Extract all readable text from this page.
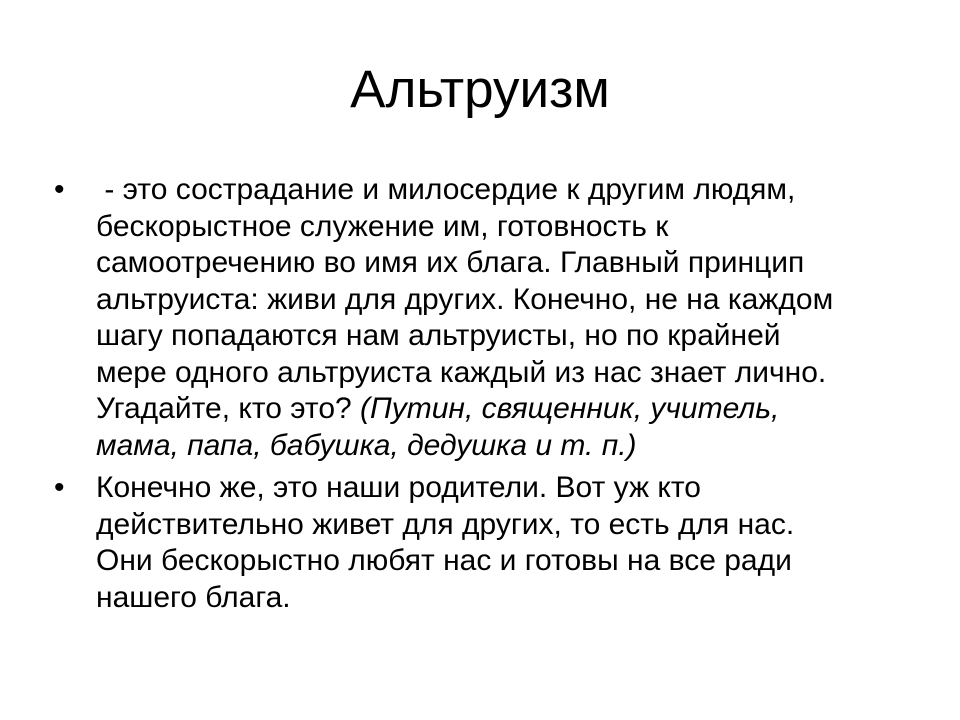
Альтруизм
•	- это сострадание и милосердие к другим людям,
бескорыстное служение им, готовность к
самоотречению во имя их блага. Главный принцип
альтруиста: живи для других. Конечно, не на каждом
шагу попадаются нам альтруисты, но по крайней
мере одного альтруиста каждый из нас знает лично.
Угадайте, кто это? (Путин, священник, учитель,
мама, папа, бабушка, дедушка и т. п.)
•	Конечно же, это наши родители. Вот уж кто
действительно живет для других, то есть для нас.
Они бескорыстно любят нас и готовы на все ради
нашего блага.
